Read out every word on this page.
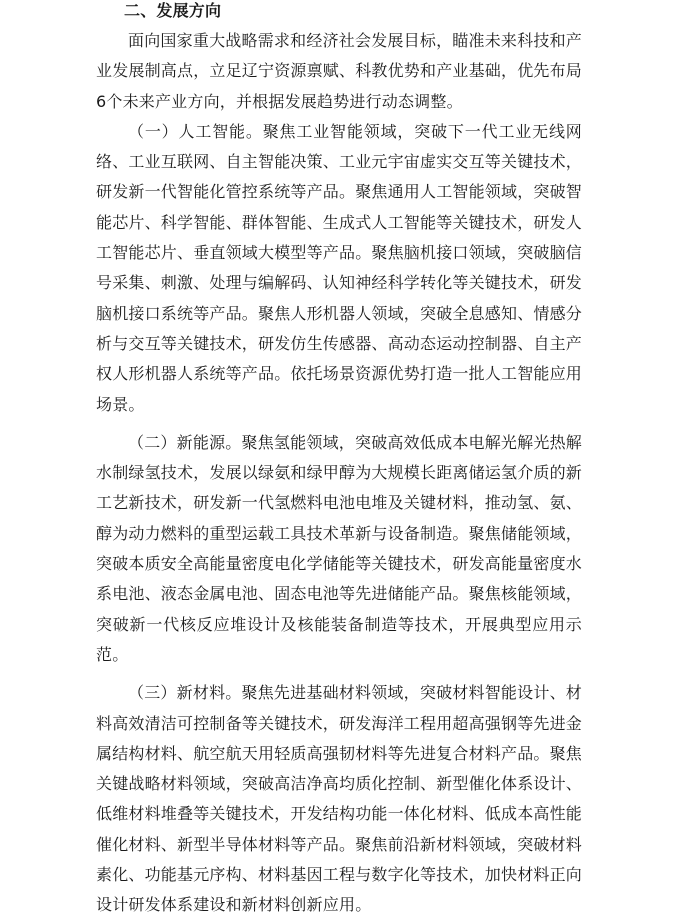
二、发展方向

面向国家重大战略需求和经济社会发展目标，瞄准未来科技和产业发展制高点，立足辽宁资源禀赋、科教优势和产业基础，优先布局6个未来产业方向，并根据发展趋势进行动态调整。

（一）人工智能。聚焦工业智能领域，突破下一代工业无线网络、工业互联网、自主智能决策、工业元宇宙虚实交互等关键技术，研发新一代智能化管控系统等产品。聚焦通用人工智能领域，突破智能芯片、科学智能、群体智能、生成式人工智能等关键技术，研发人工智能芯片、垂直领域大模型等产品。聚焦脑机接口领域，突破脑信号采集、刺激、处理与编解码、认知神经科学转化等关键技术，研发脑机接口系统等产品。聚焦人形机器人领域，突破全息感知、情感分析与交互等关键技术，研发仿生传感器、高动态运动控制器、自主产权人形机器人系统等产品。依托场景资源优势打造一批人工智能应用场景。

（二）新能源。聚焦氢能领域，突破高效低成本电解光解光热解水制绿氢技术，发展以绿氨和绿甲醇为大规模长距离储运氢介质的新工艺新技术，研发新一代氢燃料电池电堆及关键材料，推动氢、氨、醇为动力燃料的重型运载工具技术革新与设备制造。聚焦储能领域，突破本质安全高能量密度电化学储能等关键技术，研发高能量密度水系电池、液态金属电池、固态电池等先进储能产品。聚焦核能领域，突破新一代核反应堆设计及核能装备制造等技术，开展典型应用示范。

（三）新材料。聚焦先进基础材料领域，突破材料智能设计、材料高效清洁可控制备等关键技术，研发海洋工程用超高强钢等先进金属结构材料、航空航天用轻质高强韧材料等先进复合材料产品。聚焦关键战略材料领域，突破高洁净高均质化控制、新型催化体系设计、低维材料堆叠等关键技术，开发结构功能一体化材料、低成本高性能催化材料、新型半导体材料等产品。聚焦前沿新材料领域，突破材料素化、功能基元序构、材料基因工程与数字化等技术，加快材料正向设计研发体系建设和新材料创新应用。
